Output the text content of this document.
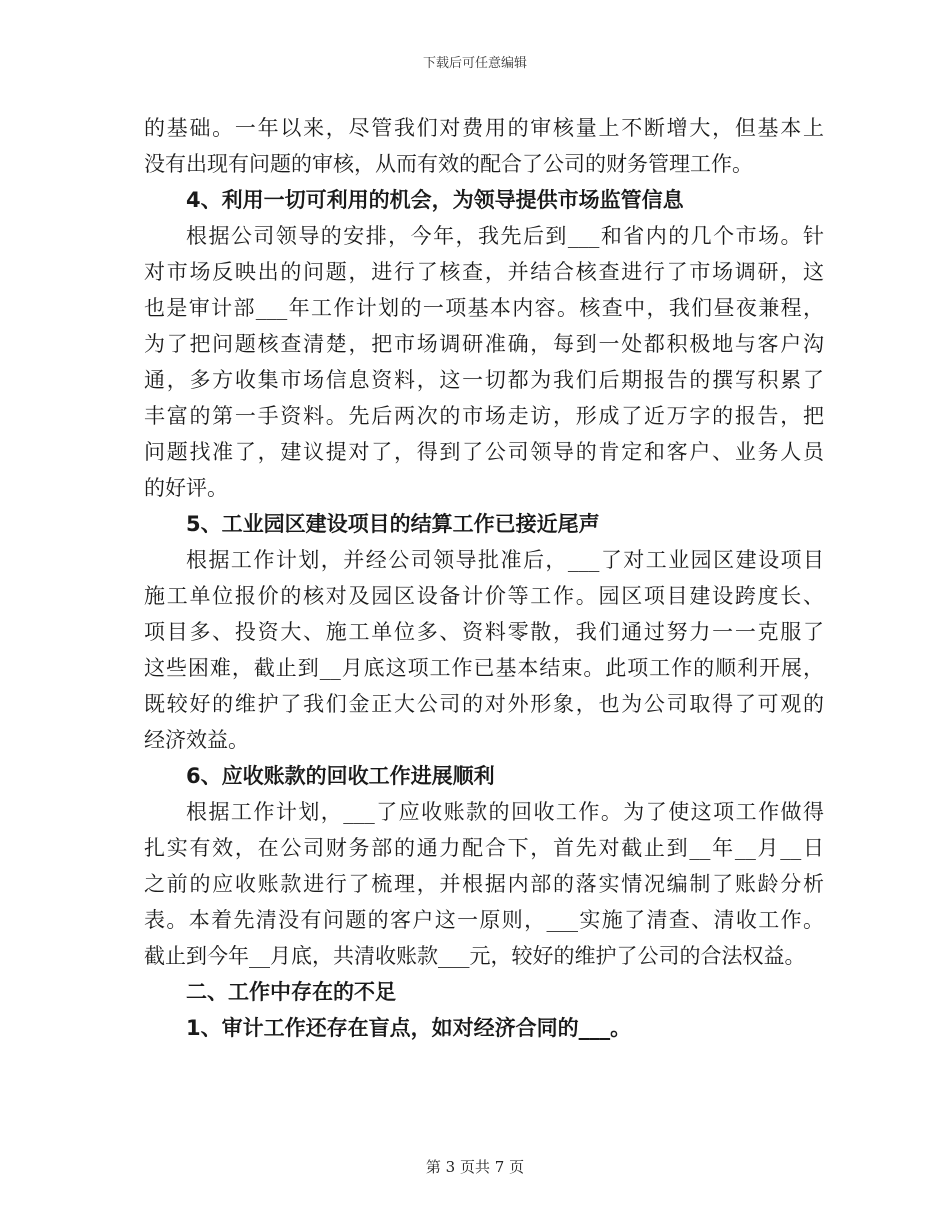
下载后可任意编辑
的基础。一年以来，尽管我们对费用的审核量上不断增大，但基本上
没有出现有问题的审核，从而有效的配合了公司的财务管理工作。
4、利用一切可利用的机会，为领导提供市场监管信息
根据公司领导的安排，今年，我先后到___和省内的几个市场。针
对市场反映出的问题，进行了核查，并结合核查进行了市场调研，这
也是审计部___年工作计划的一项基本内容。核查中，我们昼夜兼程，
为了把问题核查清楚，把市场调研准确，每到一处都积极地与客户沟
通，多方收集市场信息资料，这一切都为我们后期报告的撰写积累了
丰富的第一手资料。先后两次的市场走访，形成了近万字的报告，把
问题找准了，建议提对了，得到了公司领导的肯定和客户、业务人员
的好评。
5、工业园区建设项目的结算工作已接近尾声
根据工作计划，并经公司领导批准后，___了对工业园区建设项目
施工单位报价的核对及园区设备计价等工作。园区项目建设跨度长、
项目多、投资大、施工单位多、资料零散，我们通过努力一一克服了
这些困难，截止到__月底这项工作已基本结束。此项工作的顺利开展，
既较好的维护了我们金正大公司的对外形象，也为公司取得了可观的
经济效益。
6、应收账款的回收工作进展顺利
根据工作计划，___了应收账款的回收工作。为了使这项工作做得
扎实有效，在公司财务部的通力配合下，首先对截止到__年__月__日
之前的应收账款进行了梳理，并根据内部的落实情况编制了账龄分析
表。本着先清没有问题的客户这一原则，___实施了清查、清收工作。
截止到今年__月底，共清收账款___元，较好的维护了公司的合法权益。
二、工作中存在的不足
1、审计工作还存在盲点，如对经济合同的___。
第 3 页共 7 页
